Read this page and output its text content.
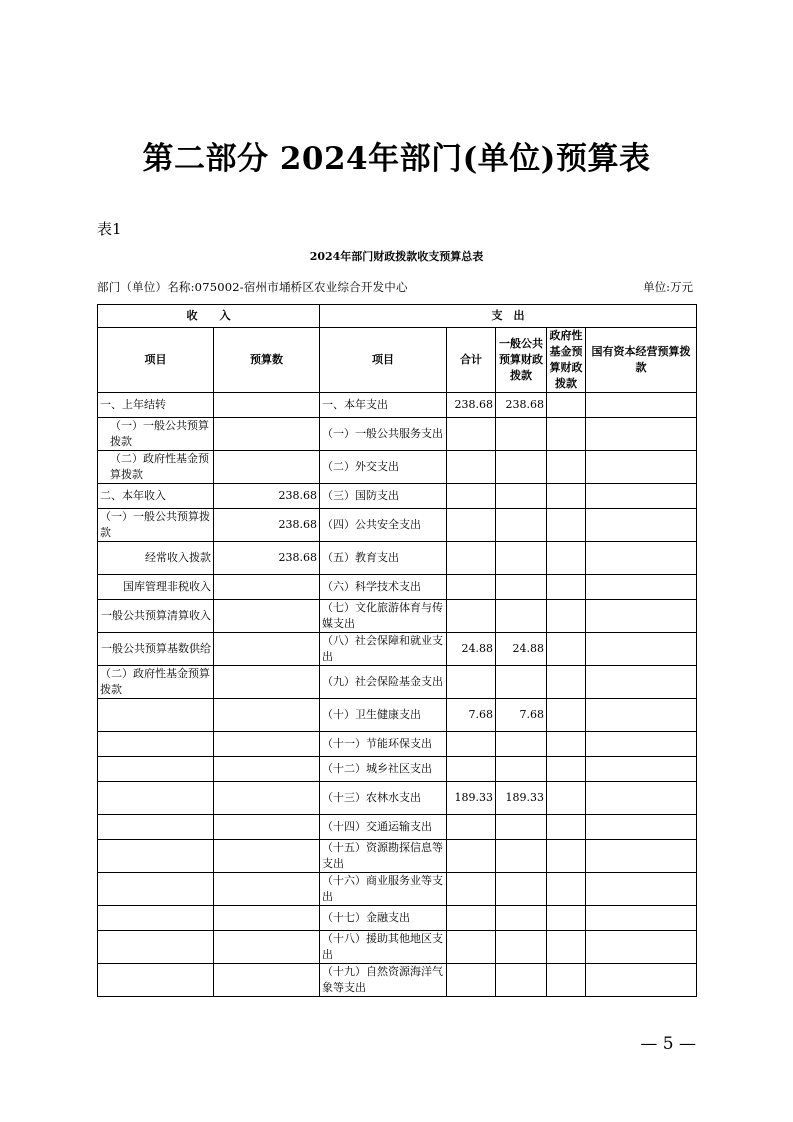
第二部分 2024年部门(单位)预算表
表1
2024年部门财政拨款收支预算总表
部门（单位）名称:075002-宿州市埇桥区农业综合开发中心	单位:万元
收　　入		支　出				
项目	预算数	项目	合计	一般公共预算财政拨款	政府性基金预算财政拨款	国有资本经营预算拨款
一、上年结转		一、本年支出	238.68	238.68		
（一）一般公共预算拨款		（一）一般公共服务支出				
（二）政府性基金预算拨款		（二）外交支出				
二、本年收入	238.68	（三）国防支出				
（一）一般公共预算拨款	238.68	（四）公共安全支出				
经常收入拨款	238.68	（五）教育支出				
国库管理非税收入		（六）科学技术支出				
一般公共预算清算收入		（七）文化旅游体育与传媒支出				
一般公共预算基数供给		（八）社会保障和就业支出	24.88	24.88		
（二）政府性基金预算拨款		（九）社会保险基金支出				
		（十）卫生健康支出	7.68	7.68		
		（十一）节能环保支出				
		（十二）城乡社区支出				
		（十三）农林水支出	189.33	189.33		
		（十四）交通运输支出				
		（十五）资源勘探信息等支出				
		（十六）商业服务业等支出				
		（十七）金融支出				
		（十八）援助其他地区支出				
		（十九）自然资源海洋气象等支出				
— 5 —
